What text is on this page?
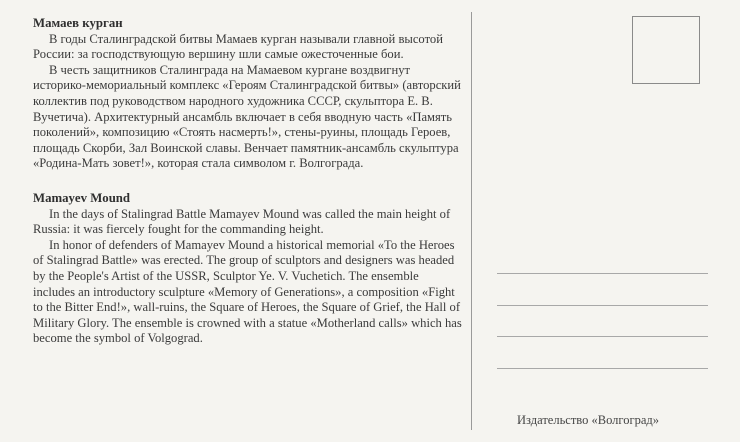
Мамаев курган

В годы Сталинградской битвы Мамаев курган называли главной высотой России: за господствующую вершину шли самые ожесточенные бои.

В честь защитников Сталинграда на Мамаевом кургане воздвигнут историко-мемориальный комплекс «Героям Сталинградской битвы» (авторский коллектив под руководством народного художника СССР, скульптора Е. В. Вучетича). Архитектурный ансамбль включает в себя вводную часть «Память поколений», композицию «Стоять насмерть!», стены-руины, площадь Героев, площадь Скорби, Зал Воинской славы. Венчает памятник-ансамбль скульптура «Родина-Мать зовет!», которая стала символом г. Волгограда.

Mamayev Mound

In the days of Stalingrad Battle Mamayev Mound was called the main height of Russia: it was fiercely fought for the commanding height.

In honor of defenders of Mamayev Mound a historical memorial «To the Heroes of Stalingrad Battle» was erected. The group of sculptors and designers was headed by the People's Artist of the USSR, Sculptor Ye. V. Vuchetich. The ensemble includes an introductory sculpture «Memory of Generations», a composition «Fight to the Bitter End!», wall-ruins, the Square of Heroes, the Square of Grief, the Hall of Military Glory. The ensemble is crowned with a statue «Motherland calls» which has become the symbol of Volgograd.

Издательство «Волгоград»
